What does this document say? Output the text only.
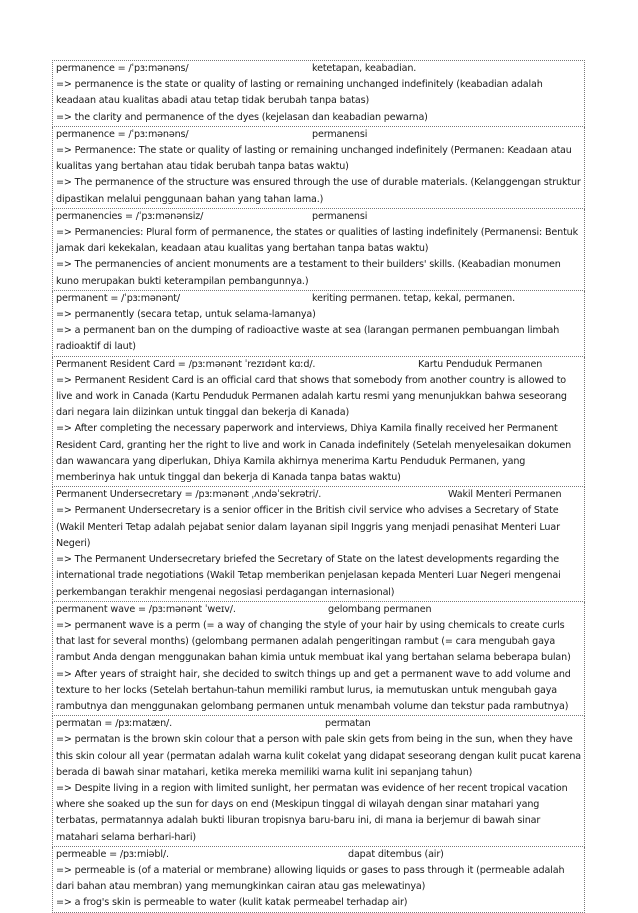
permanence = /ˈpɜːmənəns/	ketetapan, keabadian.
=> permanence is the state or quality of lasting or remaining unchanged indefinitely (keabadian adalah keadaan atau kualitas abadi atau tetap tidak berubah tanpa batas)
=> the clarity and permanence of the dyes (kejelasan dan keabadian pewarna)
permanence = /ˈpɜːmənəns/	permanensi
=> Permanence: The state or quality of lasting or remaining unchanged indefinitely (Permanen: Keadaan atau kualitas yang bertahan atau tidak berubah tanpa batas waktu)
=> The permanence of the structure was ensured through the use of durable materials. (Kelanggengan struktur dipastikan melalui penggunaan bahan yang tahan lama.)
permanencies = /ˈpɜːmənənsiz/	permanensi
=> Permanencies: Plural form of permanence, the states or qualities of lasting indefinitely (Permanensi: Bentuk jamak dari kekekalan, keadaan atau kualitas yang bertahan tanpa batas waktu)
=> The permanencies of ancient monuments are a testament to their builders' skills. (Keabadian monumen kuno merupakan bukti keterampilan pembangunnya.)
permanent = /ˈpɜːmənənt/	keriting permanen. tetap, kekal, permanen.
=> permanently (secara tetap, untuk selama-lamanya)
=> a permanent ban on the dumping of radioactive waste at sea (larangan permanen pembuangan limbah radioaktif di laut)
Permanent Resident Card = /pɜːmənənt ˈrezɪdənt kɑːd/.	Kartu Penduduk Permanen
=> Permanent Resident Card is an official card that shows that somebody from another country is allowed to live and work in Canada (Kartu Penduduk Permanen adalah kartu resmi yang menunjukkan bahwa seseorang dari negara lain diizinkan untuk tinggal dan bekerja di Kanada)
=> After completing the necessary paperwork and interviews, Dhiya Kamila finally received her Permanent Resident Card, granting her the right to live and work in Canada indefinitely (Setelah menyelesaikan dokumen dan wawancara yang diperlukan, Dhiya Kamila akhirnya menerima Kartu Penduduk Permanen, yang memberinya hak untuk tinggal dan bekerja di Kanada tanpa batas waktu)
Permanent Undersecretary = /pɜːmənənt ˌʌndəˈsekrətri/.	Wakil Menteri Permanen
=> Permanent Undersecretary is a senior officer in the British civil service who advises a Secretary of State (Wakil Menteri Tetap adalah pejabat senior dalam layanan sipil Inggris yang menjadi penasihat Menteri Luar Negeri)
=> The Permanent Undersecretary briefed the Secretary of State on the latest developments regarding the international trade negotiations (Wakil Tetap memberikan penjelasan kepada Menteri Luar Negeri mengenai perkembangan terakhir mengenai negosiasi perdagangan internasional)
permanent wave = /pɜːmənənt ˈweɪv/.	gelombang permanen
=> permanent wave is a perm (= a way of changing the style of your hair by using chemicals to create curls that last for several months) (gelombang permanen adalah pengeritingan rambut (= cara mengubah gaya rambut Anda dengan menggunakan bahan kimia untuk membuat ikal yang bertahan selama beberapa bulan)
=> After years of straight hair, she decided to switch things up and get a permanent wave to add volume and texture to her locks (Setelah bertahun-tahun memiliki rambut lurus, ia memutuskan untuk mengubah gaya rambutnya dan menggunakan gelombang permanen untuk menambah volume dan tekstur pada rambutnya)
permatan = /pɜːmatæn/.	permatan
=> permatan is the brown skin colour that a person with pale skin gets from being in the sun, when they have this skin colour all year (permatan adalah warna kulit cokelat yang didapat seseorang dengan kulit pucat karena berada di bawah sinar matahari, ketika mereka memiliki warna kulit ini sepanjang tahun)
=> Despite living in a region with limited sunlight, her permatan was evidence of her recent tropical vacation where she soaked up the sun for days on end (Meskipun tinggal di wilayah dengan sinar matahari yang terbatas, permatannya adalah bukti liburan tropisnya baru-baru ini, di mana ia berjemur di bawah sinar matahari selama berhari-hari)
permeable = /pɜːmiəbl/.	dapat ditembus (air)
=> permeable is (of a material or membrane) allowing liquids or gases to pass through it (permeable adalah dari bahan atau membran) yang memungkinkan cairan atau gas melewatinya)
=> a frog's skin is permeable to water (kulit katak permeabel terhadap air)
